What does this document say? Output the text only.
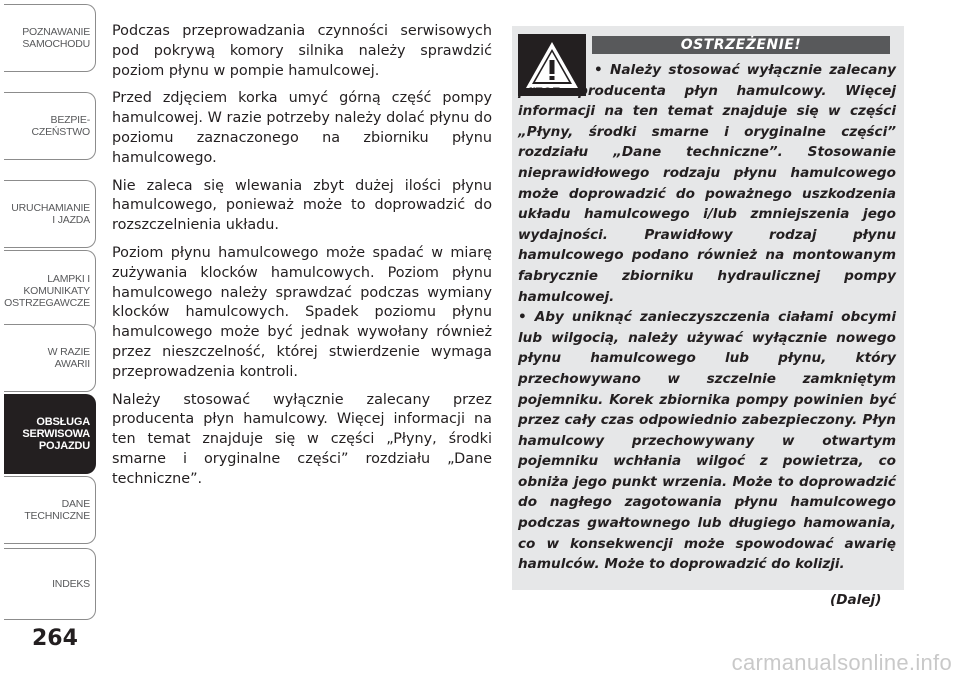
POZNAWANIE
SAMOCHODU
BEZPIE-
CZEŃSTWO
URUCHAMIANIE
I JAZDA
LAMPKI I
KOMUNIKATY
OSTRZEGAWCZE
W RAZIE
AWARII
OBSŁUGA
SERWISOWA
POJAZDU
DANE
TECHNICZNE
INDEKS
264

Podczas przeprowadzania czynności serwisowych pod pokrywą komory silnika należy sprawdzić poziom płynu w pompie hamulcowej.

Przed zdjęciem korka umyć górną część pompy hamulcowej. W razie potrzeby należy dolać płynu do poziomu zaznaczonego na zbiorniku płynu hamulcowego.

Nie zaleca się wlewania zbyt dużej ilości płynu hamulcowego, ponieważ może to doprowadzić do rozszczelnienia układu.

Poziom płynu hamulcowego może spadać w miarę zużywania klocków hamulcowych. Poziom płynu hamulcowego należy sprawdzać podczas wymiany klocków hamulcowych. Spadek poziomu płynu hamulcowego może być jednak wywołany również przez nieszczelność, której stwierdzenie wymaga przeprowadzenia kontroli.

Należy stosować wyłącznie zalecany przez producenta płyn hamulcowy. Więcej informacji na ten temat znajduje się w części „Płyny, środki smarne i oryginalne części” rozdziału „Dane techniczne”.

OSTRZEŻENIE!

• Należy stosować wyłącznie zalecany przez producenta płyn hamulcowy. Więcej informacji na ten temat znajduje się w części „Płyny, środki smarne i oryginalne części” rozdziału „Dane techniczne”. Stosowanie nieprawidłowego rodzaju płynu hamulcowego może doprowadzić do poważnego uszkodzenia układu hamulcowego i/lub zmniejszenia jego wydajności. Prawidłowy rodzaj płynu hamulcowego podano również na montowanym fabrycznie zbiorniku hydraulicznej pompy hamulcowej.

• Aby uniknąć zanieczyszczenia ciałami obcymi lub wilgocią, należy używać wyłącznie nowego płynu hamulcowego lub płynu, który przechowywano w szczelnie zamkniętym pojemniku. Korek zbiornika pompy powinien być przez cały czas odpowiednio zabezpieczony. Płyn hamulcowy przechowywany w otwartym pojemniku wchłania wilgoć z powietrza, co obniża jego punkt wrzenia. Może to doprowadzić do nagłego zagotowania płynu hamulcowego podczas gwałtownego lub długiego hamowania, co w konsekwencji może spowodować awarię hamulców. Może to doprowadzić do kolizji.

(Dalej)
carmanualsonline.info
